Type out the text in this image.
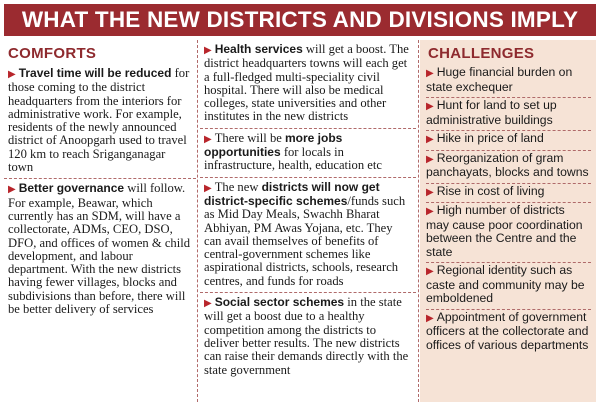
WHAT THE NEW DISTRICTS AND DIVISIONS IMPLY
COMFORTS
▶ Travel time will be reduced for those coming to the district headquarters from the interiors for administrative work. For example, residents of the newly announced district of Anoopgarh used to travel 120 km to reach Sriganganagar town
▶ Better governance will follow. For example, Beawar, which currently has an SDM, will have a collectorate, ADMs, CEO, DSO, DFO, and offices of women & child development, and labour department. With the new districts having fewer villages, blocks and subdivisions than before, there will be better delivery of services
▶ Health services will get a boost. The district headquarters towns will each get a full-fledged multi-speciality civil hospital. There will also be medical colleges, state universities and other institutes in the new districts
▶ There will be more jobs opportunities for locals in infrastructure, health, education etc
▶ The new districts will now get district-specific schemes/funds such as Mid Day Meals, Swachh Bharat Abhiyan, PM Awas Yojana, etc. They can avail themselves of benefits of central-government schemes like aspirational districts, schools, research centres, and funds for roads
▶ Social sector schemes in the state will get a boost due to a healthy competition among the districts to deliver better results. The new districts can raise their demands directly with the state government
CHALLENGES
▶ Huge financial burden on state exchequer
▶ Hunt for land to set up administrative buildings
▶ Hike in price of land
▶ Reorganization of gram panchayats, blocks and towns
▶ Rise in cost of living
▶ High number of districts may cause poor coordination between the Centre and the state
▶ Regional identity such as caste and community may be emboldened
▶ Appointment of government officers at the collectorate and offices of various departments
